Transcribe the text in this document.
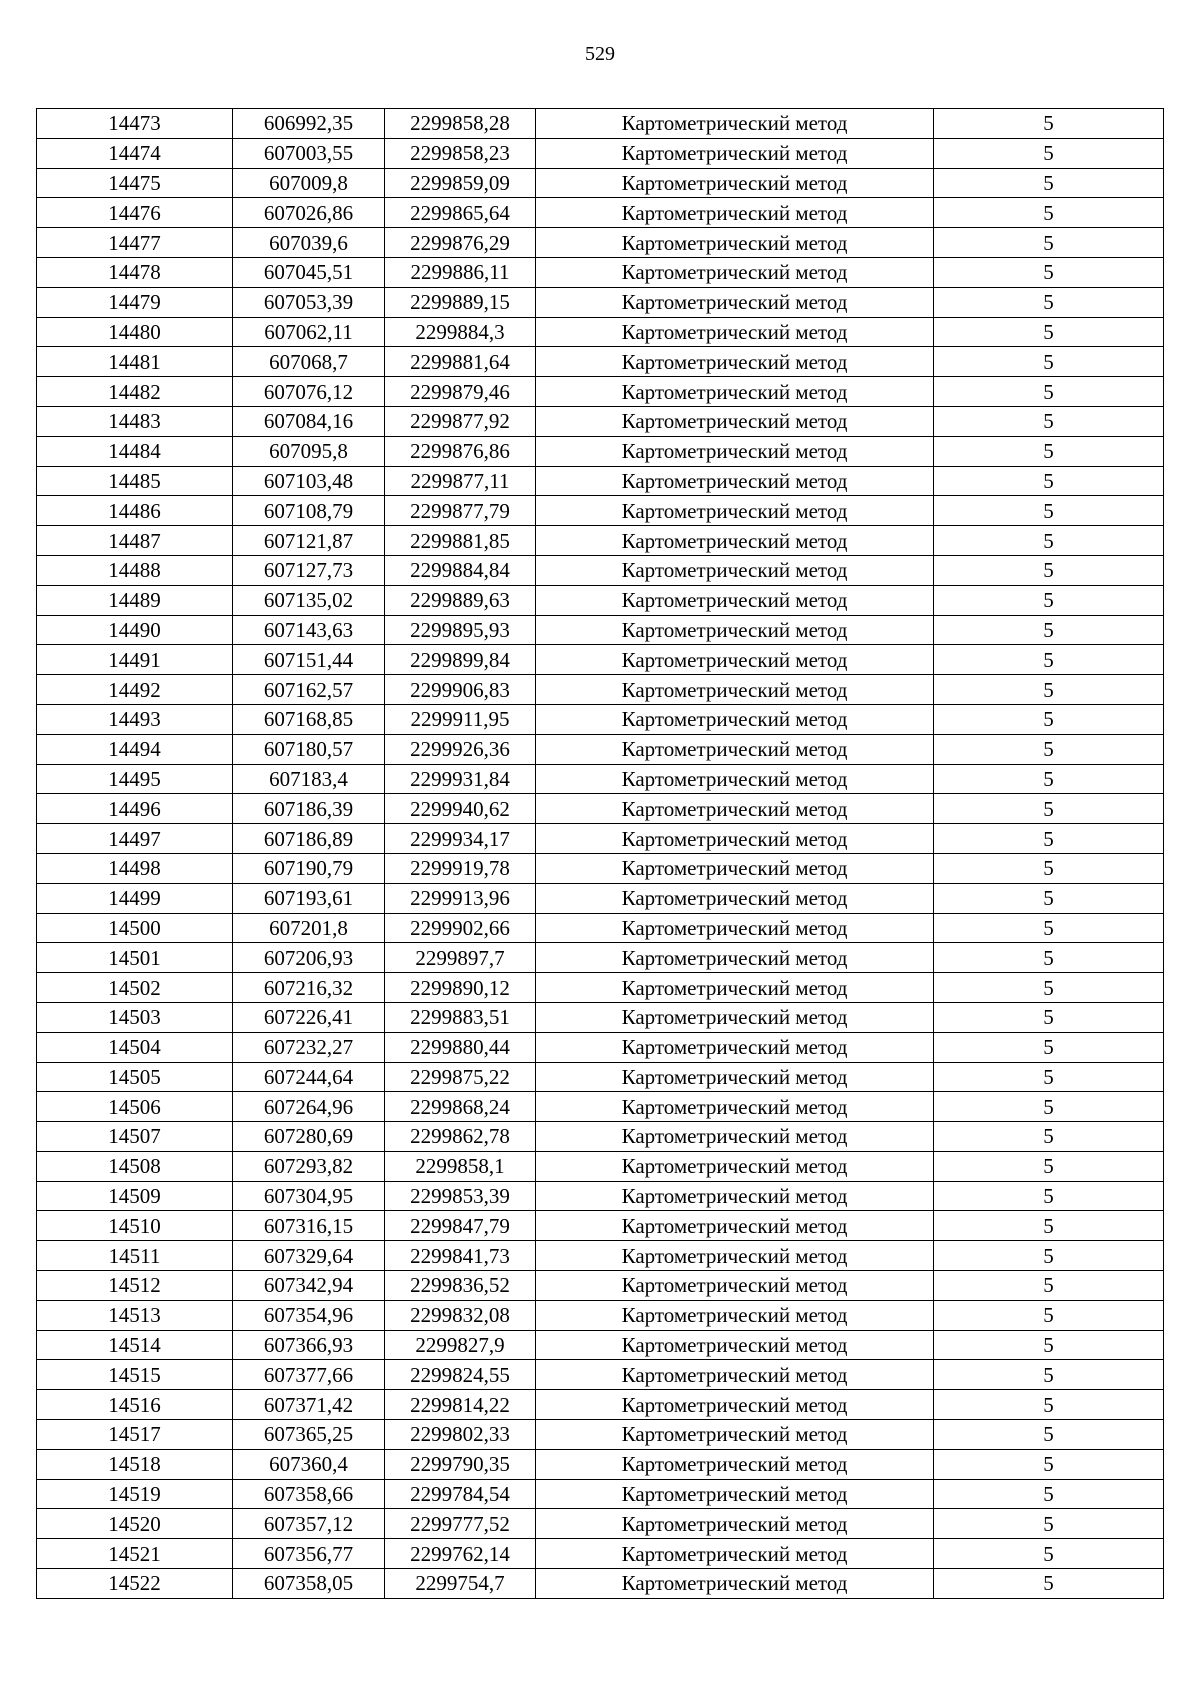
529
14473	606992,35	2299858,28	Картометрический метод	5
14474	607003,55	2299858,23	Картометрический метод	5
14475	607009,8	2299859,09	Картометрический метод	5
14476	607026,86	2299865,64	Картометрический метод	5
14477	607039,6	2299876,29	Картометрический метод	5
14478	607045,51	2299886,11	Картометрический метод	5
14479	607053,39	2299889,15	Картометрический метод	5
14480	607062,11	2299884,3	Картометрический метод	5
14481	607068,7	2299881,64	Картометрический метод	5
14482	607076,12	2299879,46	Картометрический метод	5
14483	607084,16	2299877,92	Картометрический метод	5
14484	607095,8	2299876,86	Картометрический метод	5
14485	607103,48	2299877,11	Картометрический метод	5
14486	607108,79	2299877,79	Картометрический метод	5
14487	607121,87	2299881,85	Картометрический метод	5
14488	607127,73	2299884,84	Картометрический метод	5
14489	607135,02	2299889,63	Картометрический метод	5
14490	607143,63	2299895,93	Картометрический метод	5
14491	607151,44	2299899,84	Картометрический метод	5
14492	607162,57	2299906,83	Картометрический метод	5
14493	607168,85	2299911,95	Картометрический метод	5
14494	607180,57	2299926,36	Картометрический метод	5
14495	607183,4	2299931,84	Картометрический метод	5
14496	607186,39	2299940,62	Картометрический метод	5
14497	607186,89	2299934,17	Картометрический метод	5
14498	607190,79	2299919,78	Картометрический метод	5
14499	607193,61	2299913,96	Картометрический метод	5
14500	607201,8	2299902,66	Картометрический метод	5
14501	607206,93	2299897,7	Картометрический метод	5
14502	607216,32	2299890,12	Картометрический метод	5
14503	607226,41	2299883,51	Картометрический метод	5
14504	607232,27	2299880,44	Картометрический метод	5
14505	607244,64	2299875,22	Картометрический метод	5
14506	607264,96	2299868,24	Картометрический метод	5
14507	607280,69	2299862,78	Картометрический метод	5
14508	607293,82	2299858,1	Картометрический метод	5
14509	607304,95	2299853,39	Картометрический метод	5
14510	607316,15	2299847,79	Картометрический метод	5
14511	607329,64	2299841,73	Картометрический метод	5
14512	607342,94	2299836,52	Картометрический метод	5
14513	607354,96	2299832,08	Картометрический метод	5
14514	607366,93	2299827,9	Картометрический метод	5
14515	607377,66	2299824,55	Картометрический метод	5
14516	607371,42	2299814,22	Картометрический метод	5
14517	607365,25	2299802,33	Картометрический метод	5
14518	607360,4	2299790,35	Картометрический метод	5
14519	607358,66	2299784,54	Картометрический метод	5
14520	607357,12	2299777,52	Картометрический метод	5
14521	607356,77	2299762,14	Картометрический метод	5
14522	607358,05	2299754,7	Картометрический метод	5
